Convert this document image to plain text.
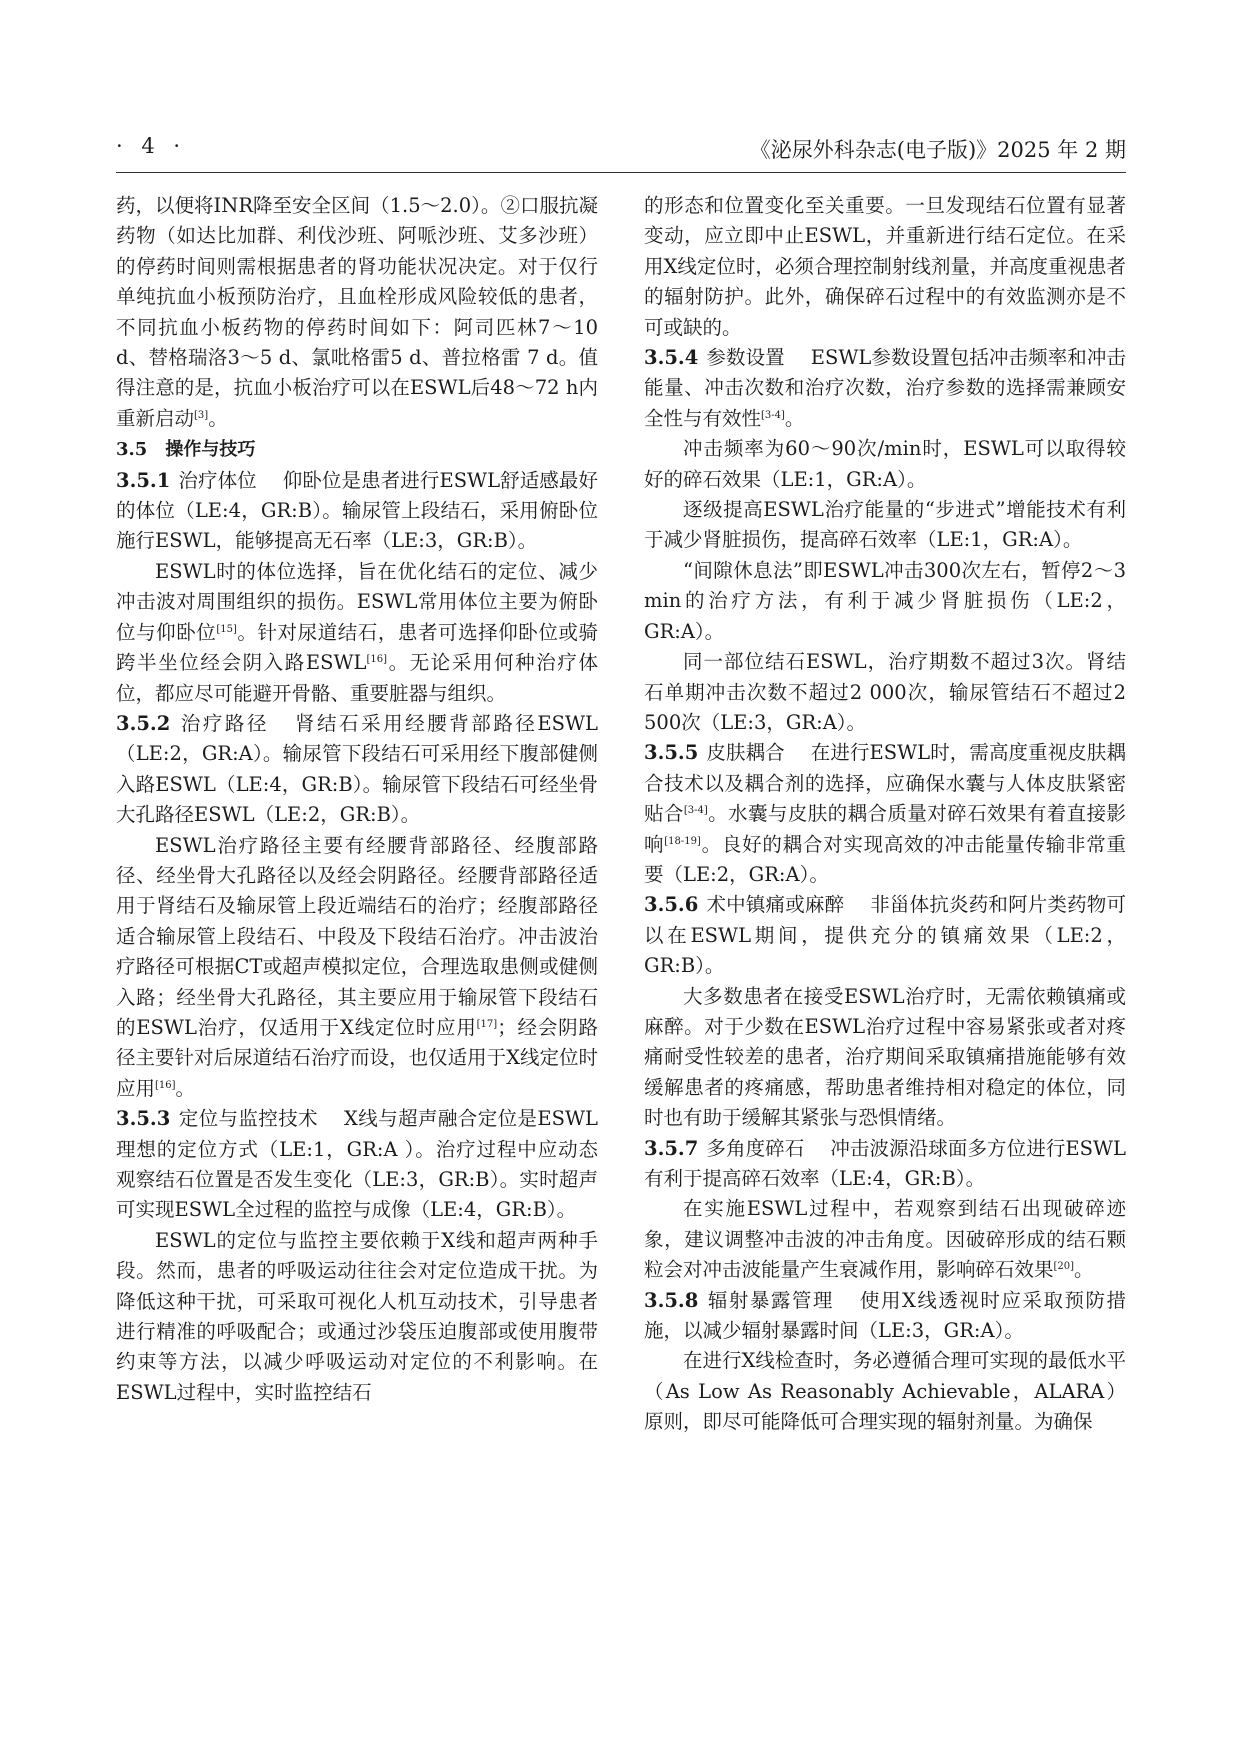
· 4 ·	《泌尿外科杂志(电子版)》2025 年 2 期

药，以便将INR降至安全区间（1.5～2.0）。②口服抗凝药物（如达比加群、利伐沙班、阿哌沙班、艾多沙班）的停药时间则需根据患者的肾功能状况决定。对于仅行单纯抗血小板预防治疗，且血栓形成风险较低的患者，不同抗血小板药物的停药时间如下：阿司匹林7～10 d、替格瑞洛3～5 d、氯吡格雷5 d、普拉格雷 7 d。值得注意的是，抗血小板治疗可以在ESWL后48～72 h内重新启动[3]。

3.5　操作与技巧

3.5.1 治疗体位 仰卧位是患者进行ESWL舒适感最好的体位（LE:4，GR:B）。输尿管上段结石，采用俯卧位施行ESWL，能够提高无石率（LE:3，GR:B）。

ESWL时的体位选择，旨在优化结石的定位、减少冲击波对周围组织的损伤。ESWL常用体位主要为俯卧位与仰卧位[15]。针对尿道结石，患者可选择仰卧位或骑跨半坐位经会阴入路ESWL[16]。无论采用何种治疗体位，都应尽可能避开骨骼、重要脏器与组织。

3.5.2 治疗路径 肾结石采用经腰背部路径ESWL（LE:2，GR:A）。输尿管下段结石可采用经下腹部健侧入路ESWL（LE:4，GR:B）。输尿管下段结石可经坐骨大孔路径ESWL（LE:2，GR:B）。

ESWL治疗路径主要有经腰背部路径、经腹部路径、经坐骨大孔路径以及经会阴路径。经腰背部路径适用于肾结石及输尿管上段近端结石的治疗；经腹部路径适合输尿管上段结石、中段及下段结石治疗。冲击波治疗路径可根据CT或超声模拟定位，合理选取患侧或健侧入路；经坐骨大孔路径，其主要应用于输尿管下段结石的ESWL治疗，仅适用于X线定位时应用[17]；经会阴路径主要针对后尿道结石治疗而设，也仅适用于X线定位时应用[16]。

3.5.3 定位与监控技术 X线与超声融合定位是ESWL理想的定位方式（LE:1，GR:A ）。治疗过程中应动态观察结石位置是否发生变化（LE:3，GR:B）。实时超声可实现ESWL全过程的监控与成像（LE:4，GR:B）。

ESWL的定位与监控主要依赖于X线和超声两种手段。然而，患者的呼吸运动往往会对定位造成干扰。为降低这种干扰，可采取可视化人机互动技术，引导患者进行精准的呼吸配合；或通过沙袋压迫腹部或使用腹带约束等方法，以减少呼吸运动对定位的不利影响。在ESWL过程中，实时监控结石

的形态和位置变化至关重要。一旦发现结石位置有显著变动，应立即中止ESWL，并重新进行结石定位。在采用X线定位时，必须合理控制射线剂量，并高度重视患者的辐射防护。此外，确保碎石过程中的有效监测亦是不可或缺的。

3.5.4 参数设置 ESWL参数设置包括冲击频率和冲击能量、冲击次数和治疗次数，治疗参数的选择需兼顾安全性与有效性[3-4]。

冲击频率为60～90次/min时，ESWL可以取得较好的碎石效果（LE:1，GR:A）。

逐级提高ESWL治疗能量的“步进式”增能技术有利于减少肾脏损伤，提高碎石效率（LE:1，GR:A）。

“间隙休息法”即ESWL冲击300次左右，暂停2～3 min的治疗方法，有利于减少肾脏损伤（LE:2，GR:A）。

同一部位结石ESWL，治疗期数不超过3次。肾结石单期冲击次数不超过2 000次，输尿管结石不超过2 500次（LE:3，GR:A）。

3.5.5 皮肤耦合 在进行ESWL时，需高度重视皮肤耦合技术以及耦合剂的选择，应确保水囊与人体皮肤紧密贴合[3-4]。水囊与皮肤的耦合质量对碎石效果有着直接影响[18-19]。良好的耦合对实现高效的冲击能量传输非常重要（LE:2，GR:A）。

3.5.6 术中镇痛或麻醉 非甾体抗炎药和阿片类药物可以在ESWL期间，提供充分的镇痛效果（LE:2，GR:B）。

大多数患者在接受ESWL治疗时，无需依赖镇痛或麻醉。对于少数在ESWL治疗过程中容易紧张或者对疼痛耐受性较差的患者，治疗期间采取镇痛措施能够有效缓解患者的疼痛感，帮助患者维持相对稳定的体位，同时也有助于缓解其紧张与恐惧情绪。

3.5.7 多角度碎石 冲击波源沿球面多方位进行ESWL有利于提高碎石效率（LE:4，GR:B）。

在实施ESWL过程中，若观察到结石出现破碎迹象，建议调整冲击波的冲击角度。因破碎形成的结石颗粒会对冲击波能量产生衰减作用，影响碎石效果[20]。

3.5.8 辐射暴露管理 使用X线透视时应采取预防措施，以减少辐射暴露时间（LE:3，GR:A）。

在进行X线检查时，务必遵循合理可实现的最低水平（As Low As Reasonably Achievable，ALARA）原则，即尽可能降低可合理实现的辐射剂量。为确保
